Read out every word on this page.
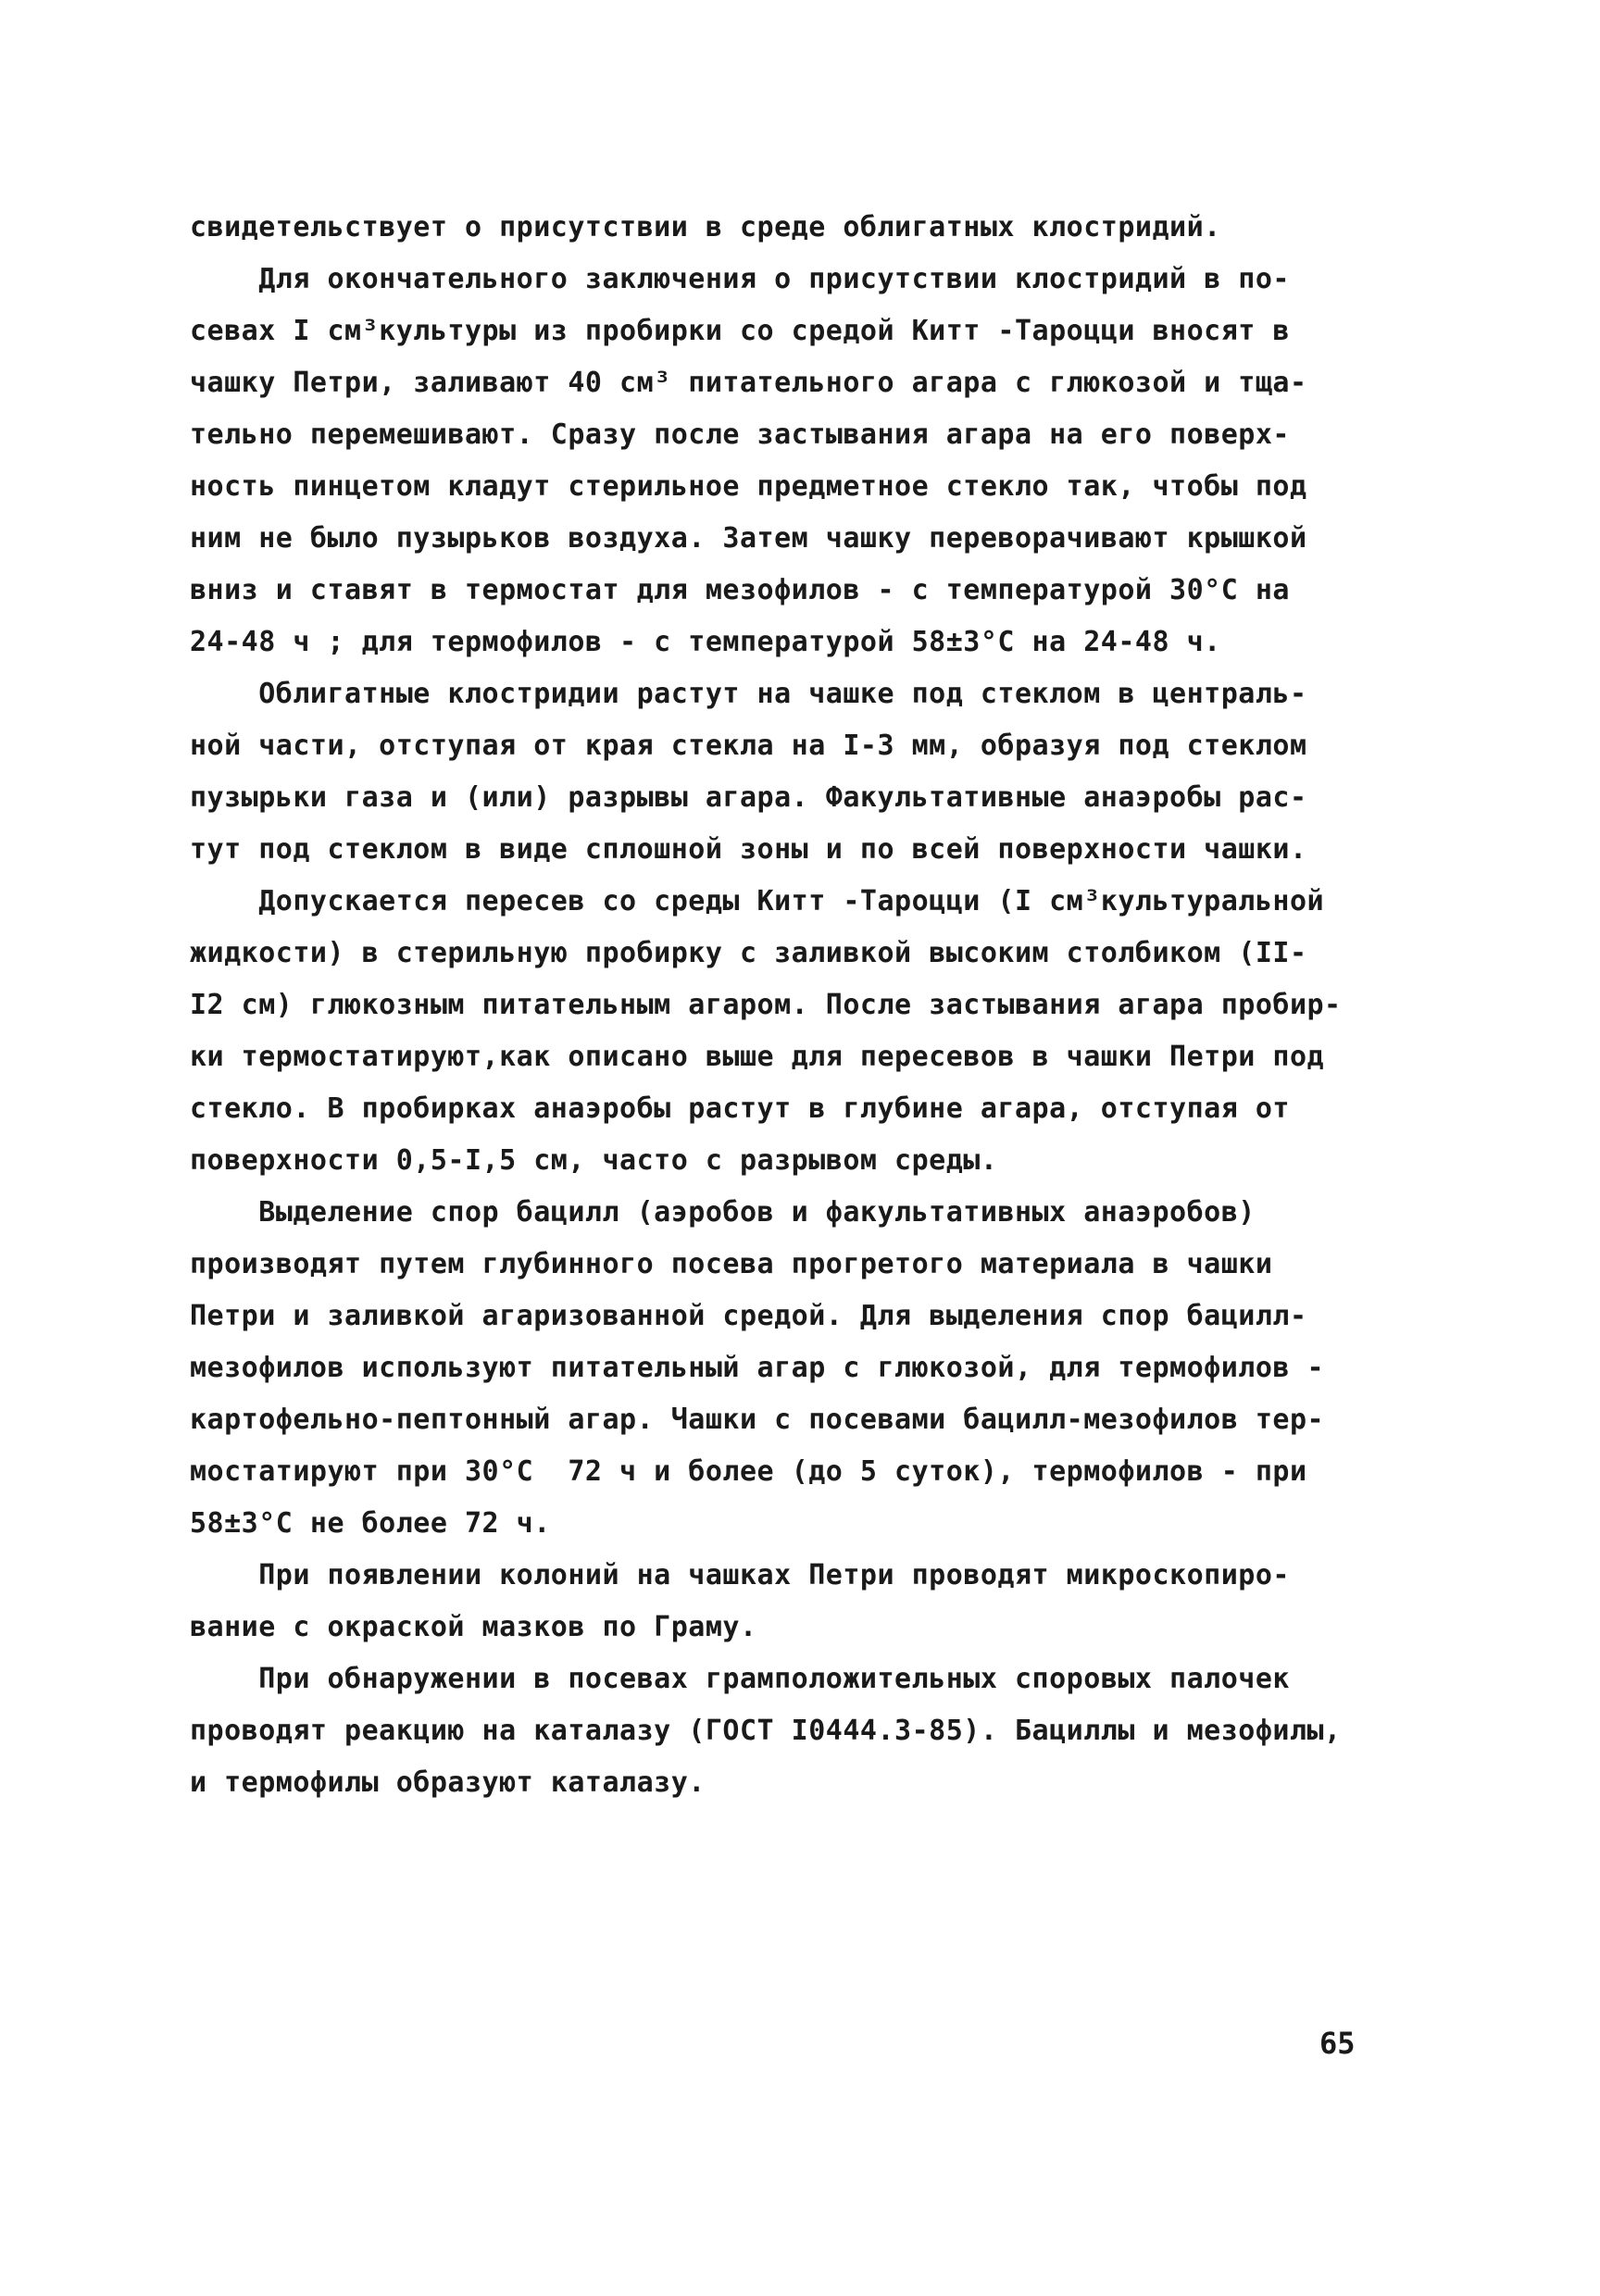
свидетельствует о присутствии в среде облигатных клостридий.
Для окончательного заключения о присутствии клостридий в по-
севах I см³культуры из пробирки со средой Китт -Тароцци вносят в
чашку Петри, заливают 40 см³ питательного агара с глюкозой и тща-
тельно перемешивают. Сразу после застывания агара на его поверх-
ность пинцетом кладут стерильное предметное стекло так, чтобы под
ним не было пузырьков воздуха. Затем чашку переворачивают крышкой
вниз и ставят в термостат для мезофилов - с температурой 30°С на
24-48 ч ; для термофилов - с температурой 58±3°С на 24-48 ч.
Облигатные клостридии растут на чашке под стеклом в централь-
ной части, отступая от края стекла на I-3 мм, образуя под стеклом
пузырьки газа и (или) разрывы агара. Факультативные анаэробы рас-
тут под стеклом в виде сплошной зоны и по всей поверхности чашки.
Допускается пересев со среды Китт -Тароцци (I см³культуральной
жидкости) в стерильную пробирку с заливкой высоким столбиком (II-
I2 см) глюкозным питательным агаром. После застывания агара пробир-
ки термостатируют,как описано выше для пересевов в чашки Петри под
стекло. В пробирках анаэробы растут в глубине агара, отступая от
поверхности 0,5-I,5 см, часто с разрывом среды.
Выделение спор бацилл (аэробов и факультативных анаэробов)
производят путем глубинного посева прогретого материала в чашки
Петри и заливкой агаризованной средой. Для выделения спор бацилл-
мезофилов используют питательный агар с глюкозой, для термофилов -
картофельно-пептонный агар. Чашки с посевами бацилл-мезофилов тер-
мостатируют при 30°С  72 ч и более (до 5 суток), термофилов - при
58±3°С не более 72 ч.
При появлении колоний на чашках Петри проводят микроскопиро-
вание с окраской мазков по Граму.
При обнаружении в посевах грамположительных споровых палочек
проводят реакцию на каталазу (ГОСТ I0444.3-85). Бациллы и мезофилы,
и термофилы образуют каталазу.
65
